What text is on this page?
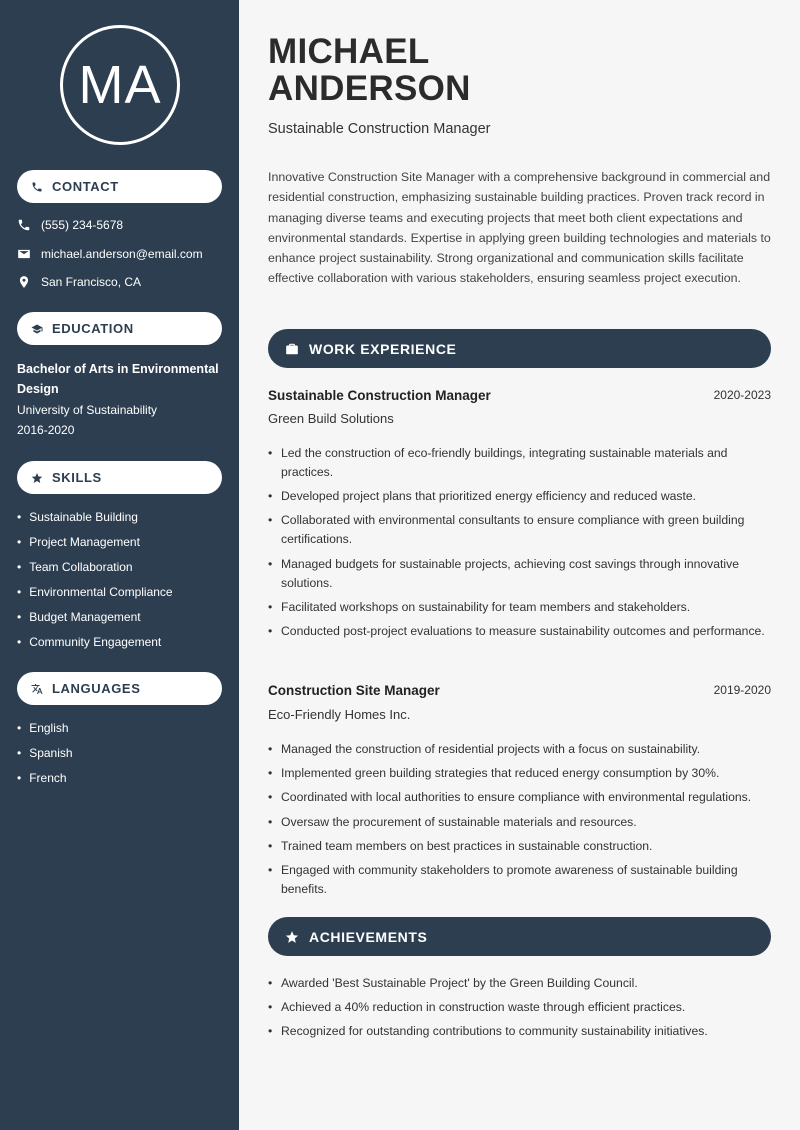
MA
CONTACT
(555) 234-5678
michael.anderson@email.com
San Francisco, CA
EDUCATION
Bachelor of Arts in Environmental Design
University of Sustainability
2016-2020
SKILLS
• Sustainable Building
• Project Management
• Team Collaboration
• Environmental Compliance
• Budget Management
• Community Engagement
LANGUAGES
• English
• Spanish
• French
MICHAEL
ANDERSON
Sustainable Construction Manager

Innovative Construction Site Manager with a comprehensive background in commercial and residential construction, emphasizing sustainable building practices. Proven track record in managing diverse teams and executing projects that meet both client expectations and environmental standards. Expertise in applying green building technologies and materials to enhance project sustainability. Strong organizational and communication skills facilitate effective collaboration with various stakeholders, ensuring seamless project execution.

WORK EXPERIENCE
Sustainable Construction Manager	2020-2023
Green Build Solutions
• Led the construction of eco-friendly buildings, integrating sustainable materials and practices.
• Developed project plans that prioritized energy efficiency and reduced waste.
• Collaborated with environmental consultants to ensure compliance with green building certifications.
• Managed budgets for sustainable projects, achieving cost savings through innovative solutions.
• Facilitated workshops on sustainability for team members and stakeholders.
• Conducted post-project evaluations to measure sustainability outcomes and performance.
Construction Site Manager	2019-2020
Eco-Friendly Homes Inc.
• Managed the construction of residential projects with a focus on sustainability.
• Implemented green building strategies that reduced energy consumption by 30%.
• Coordinated with local authorities to ensure compliance with environmental regulations.
• Oversaw the procurement of sustainable materials and resources.
• Trained team members on best practices in sustainable construction.
• Engaged with community stakeholders to promote awareness of sustainable building benefits.
ACHIEVEMENTS
• Awarded 'Best Sustainable Project' by the Green Building Council.
• Achieved a 40% reduction in construction waste through efficient practices.
• Recognized for outstanding contributions to community sustainability initiatives.
